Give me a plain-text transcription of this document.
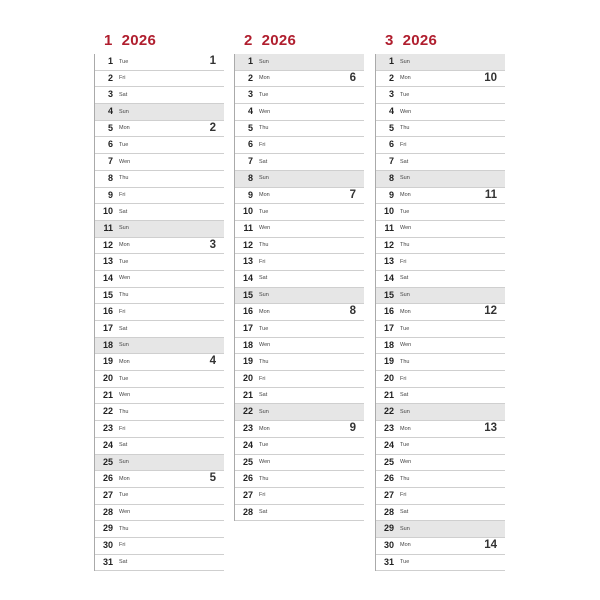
1  2026
1 Tue	1
2 Fri
3 Sat
4 Sun
5 Mon	2
6 Tue
7 Wen
8 Thu
9 Fri
10 Sat
11 Sun
12 Mon	3
13 Tue
14 Wen
15 Thu
16 Fri
17 Sat
18 Sun
19 Mon	4
20 Tue
21 Wen
22 Thu
23 Fri
24 Sat
25 Sun
26 Mon	5
27 Tue
28 Wen
29 Thu
30 Fri
31 Sat
2  2026
1 Sun
2 Mon	6
3 Tue
4 Wen
5 Thu
6 Fri
7 Sat
8 Sun
9 Mon	7
10 Tue
11 Wen
12 Thu
13 Fri
14 Sat
15 Sun
16 Mon	8
17 Tue
18 Wen
19 Thu
20 Fri
21 Sat
22 Sun
23 Mon	9
24 Tue
25 Wen
26 Thu
27 Fri
28 Sat
3  2026
1 Sun
2 Mon	10
3 Tue
4 Wen
5 Thu
6 Fri
7 Sat
8 Sun
9 Mon	11
10 Tue
11 Wen
12 Thu
13 Fri
14 Sat
15 Sun
16 Mon	12
17 Tue
18 Wen
19 Thu
20 Fri
21 Sat
22 Sun
23 Mon	13
24 Tue
25 Wen
26 Thu
27 Fri
28 Sat
29 Sun
30 Mon	14
31 Tue
